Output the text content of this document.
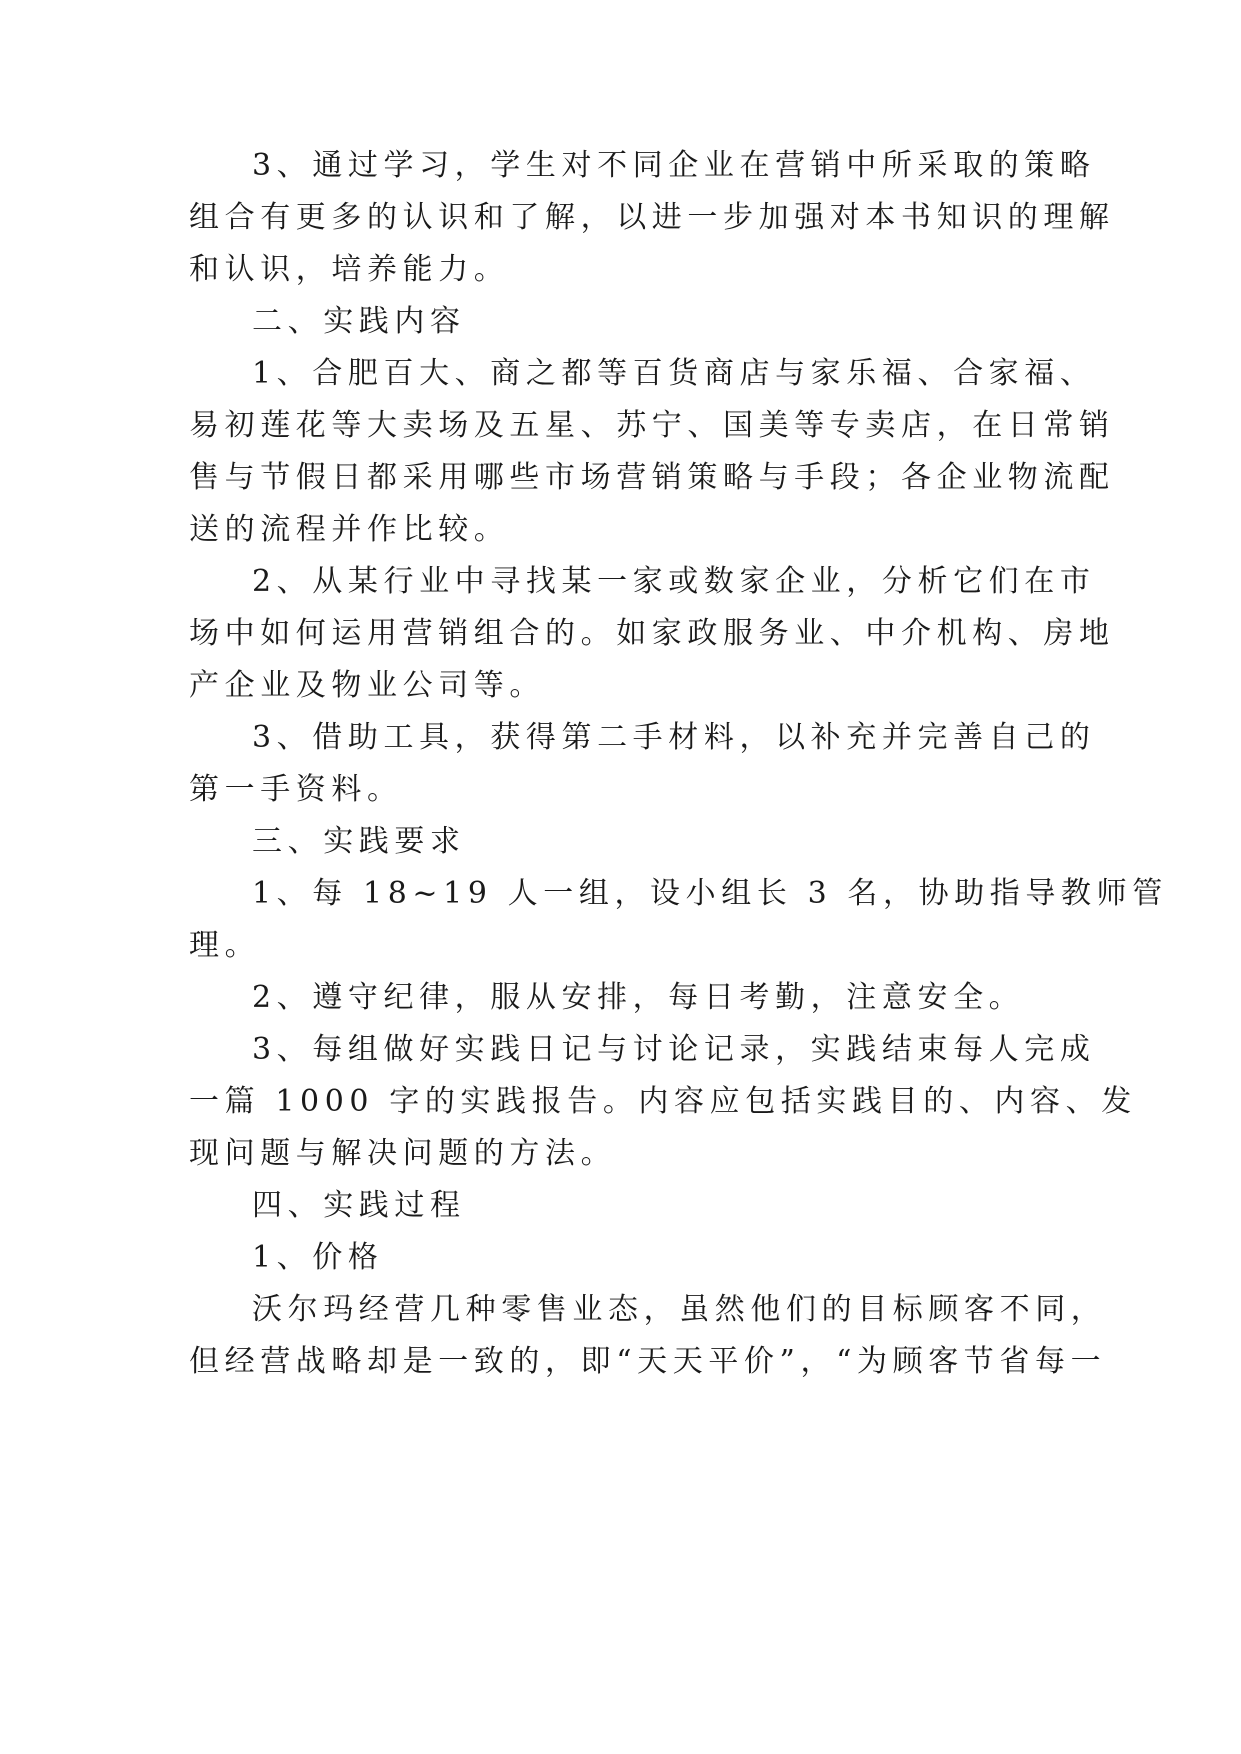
3、通过学习，学生对不同企业在营销中所采取的策略
组合有更多的认识和了解，以进一步加强对本书知识的理解
和认识，培养能力。
二、实践内容
1、合肥百大、商之都等百货商店与家乐福、合家福、
易初莲花等大卖场及五星、苏宁、国美等专卖店，在日常销
售与节假日都采用哪些市场营销策略与手段；各企业物流配
送的流程并作比较。
2、从某行业中寻找某一家或数家企业，分析它们在市
场中如何运用营销组合的。如家政服务业、中介机构、房地
产企业及物业公司等。
3、借助工具，获得第二手材料，以补充并完善自己的
第一手资料。
三、实践要求
1、每 18~19 人一组，设小组长 3 名，协助指导教师管
理。
2、遵守纪律，服从安排，每日考勤，注意安全。
3、每组做好实践日记与讨论记录，实践结束每人完成
一篇 1000 字的实践报告。内容应包括实践目的、内容、发
现问题与解决问题的方法。
四、实践过程
1、价格
沃尔玛经营几种零售业态，虽然他们的目标顾客不同，
但经营战略却是一致的，即“天天平价”，“为顾客节省每一
